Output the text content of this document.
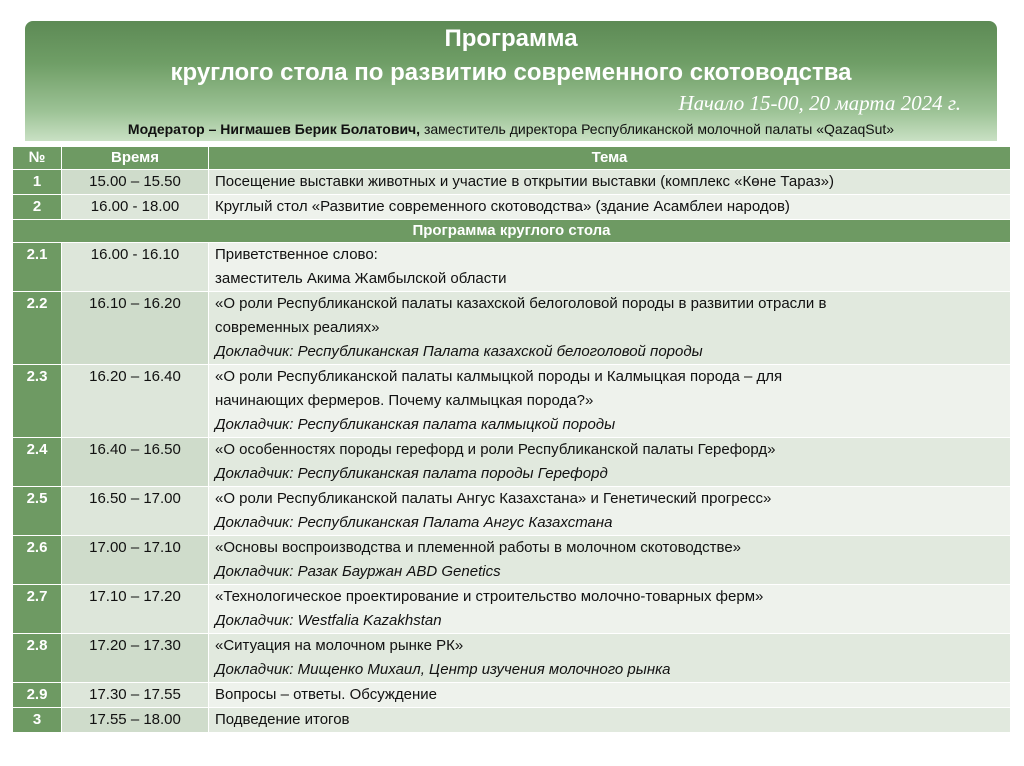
Программа
круглого стола по развитию современного скотоводства
Начало 15-00, 20 марта 2024 г.
Модератор – Нигмашев Берик Болатович, заместитель директора Республиканской молочной палаты «QazaqSut»
№	Время	Тема
1	15.00 – 15.50	Посещение выставки животных и участие в открытии выставки (комплекс «Көне Тараз»)
2	16.00 - 18.00	Круглый стол «Развитие современного скотоводства» (здание Асамблеи народов)
Программа круглого стола		
2.1	16.00 - 16.10	Приветственное слово:
заместитель Акима Жамбылской области

2.2	16.10 – 16.20	«О роли Республиканской палаты казахской белоголовой породы в развитии отрасли в
современных реалиях»
Докладчик: Республиканская Палата казахской белоголовой породы

2.3	16.20 – 16.40	«О роли Республиканской палаты калмыцкой породы и Калмыцкая порода – для
начинающих фермеров. Почему калмыцкая порода?»
Докладчик: Республиканская палата калмыцкой породы

2.4	16.40 – 16.50	«О особенностях породы герефорд и роли Республиканской палаты Герефорд»
Докладчик: Республиканская палата породы Герефорд

2.5	16.50 – 17.00	«О роли Республиканской палаты Ангус Казахстана» и Генетический прогресс»
Докладчик: Республиканская Палата Ангус Казахстана

2.6	17.00 – 17.10	«Основы воспроизводства и племенной работы в молочном скотоводстве»
Докладчик: Разак Бауржан ABD Genetics

2.7	17.10 – 17.20	«Технологическое проектирование и строительство молочно-товарных ферм»
Докладчик: Westfalia Kazakhstan

2.8	17.20 – 17.30	«Ситуация на молочном рынке РК»
Докладчик: Мищенко Михаил, Центр изучения молочного рынка

2.9	17.30 – 17.55	Вопросы – ответы. Обсуждение

3	17.55 – 18.00	Подведение итогов
